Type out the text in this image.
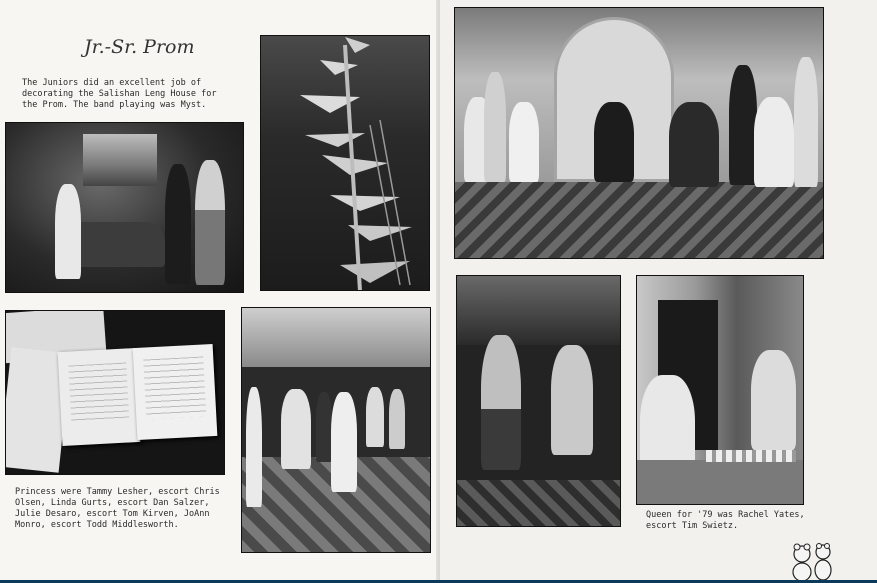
Jr.-Sr. Prom
The Juniors did an excellent job of decorating the Salishan Leng House for the Prom. The band playing was Myst.
Princess were Tammy Lesher, escort Chris Olsen, Linda Gurts, escort Dan Salzer, Julie Desaro, escort Tom Kirven, JoAnn Monro, escort Todd Middlesworth.
Queen for '79 was Rachel Yates, escort Tim Swietz.
